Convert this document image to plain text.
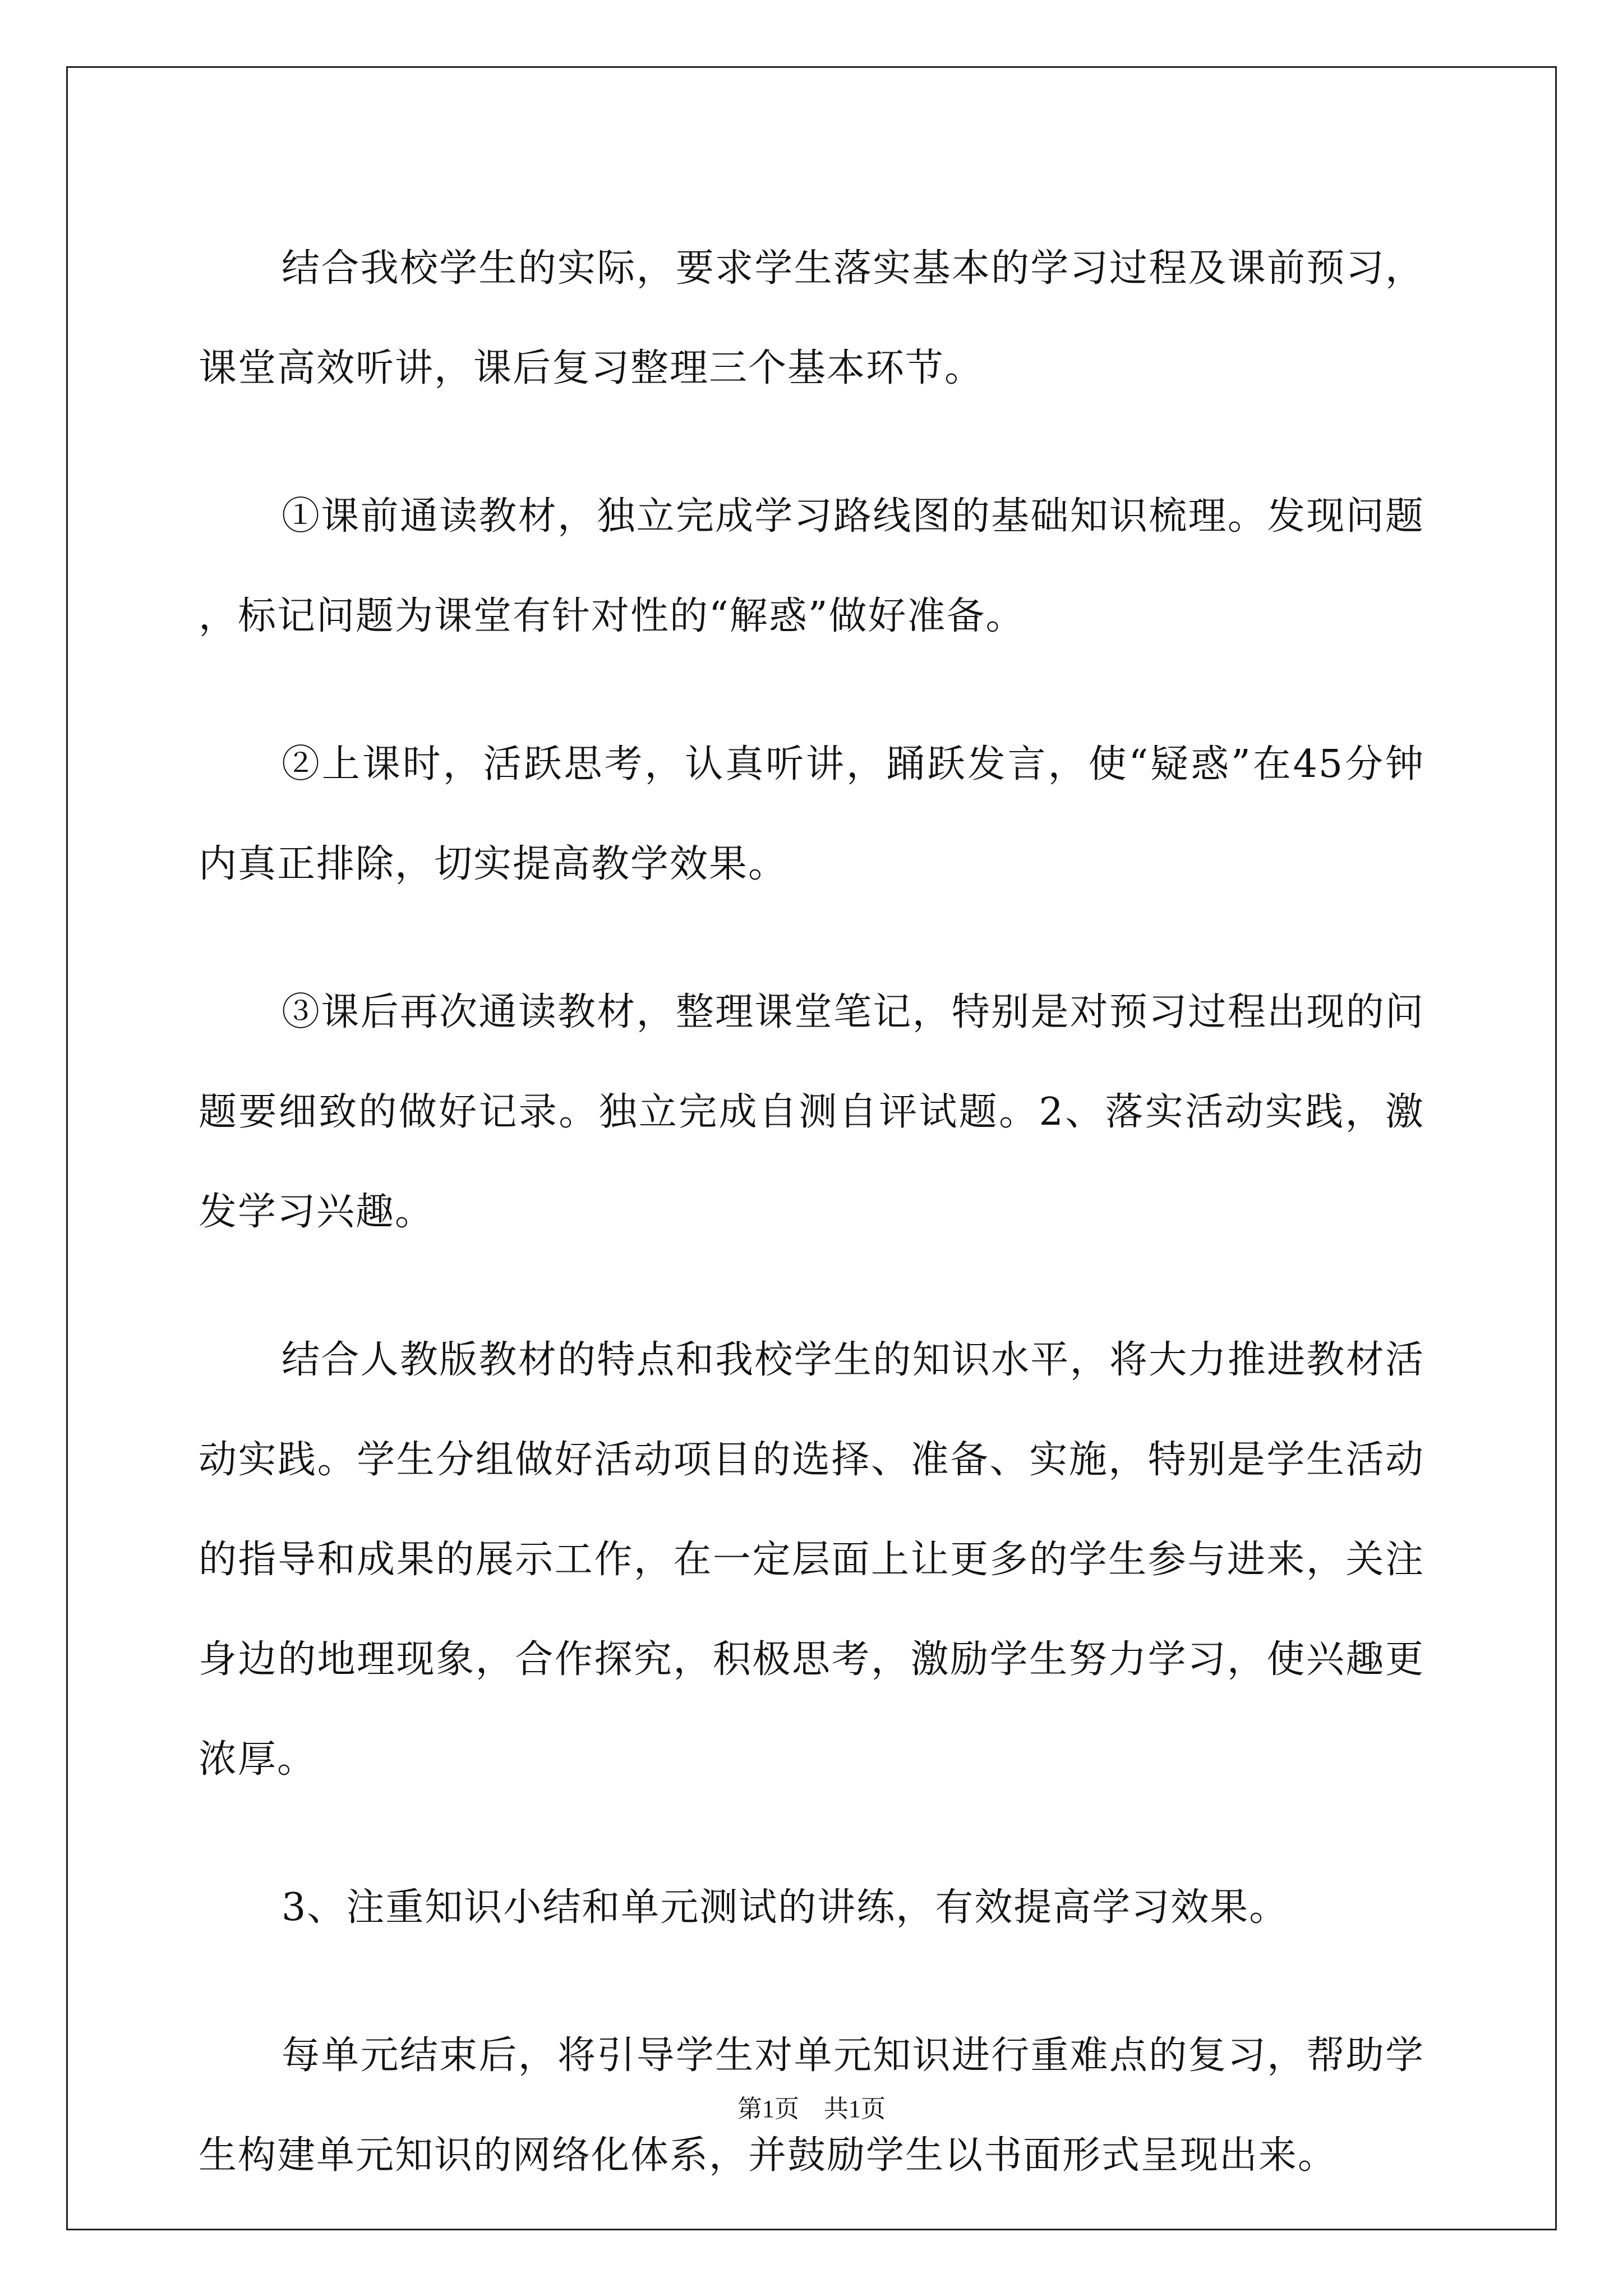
结合我校学生的实际，要求学生落实基本的学习过程及课前预习，课堂高效听讲，课后复习整理三个基本环节。

①课前通读教材，独立完成学习路线图的基础知识梳理。发现问题，标记问题为课堂有针对性的“解惑”做好准备。

②上课时，活跃思考，认真听讲，踊跃发言，使“疑惑”在45分钟内真正排除，切实提高教学效果。

③课后再次通读教材，整理课堂笔记，特别是对预习过程出现的问题要细致的做好记录。独立完成自测自评试题。2、落实活动实践，激发学习兴趣。

结合人教版教材的特点和我校学生的知识水平，将大力推进教材活动实践。学生分组做好活动项目的选择、准备、实施，特别是学生活动的指导和成果的展示工作，在一定层面上让更多的学生参与进来，关注身边的地理现象，合作探究，积极思考，激励学生努力学习，使兴趣更浓厚。

3、注重知识小结和单元测试的讲练，有效提高学习效果。

每单元结束后，将引导学生对单元知识进行重难点的复习，帮助学生构建单元知识的网络化体系，并鼓励学生以书面形式呈现出来。

第1页　共1页
